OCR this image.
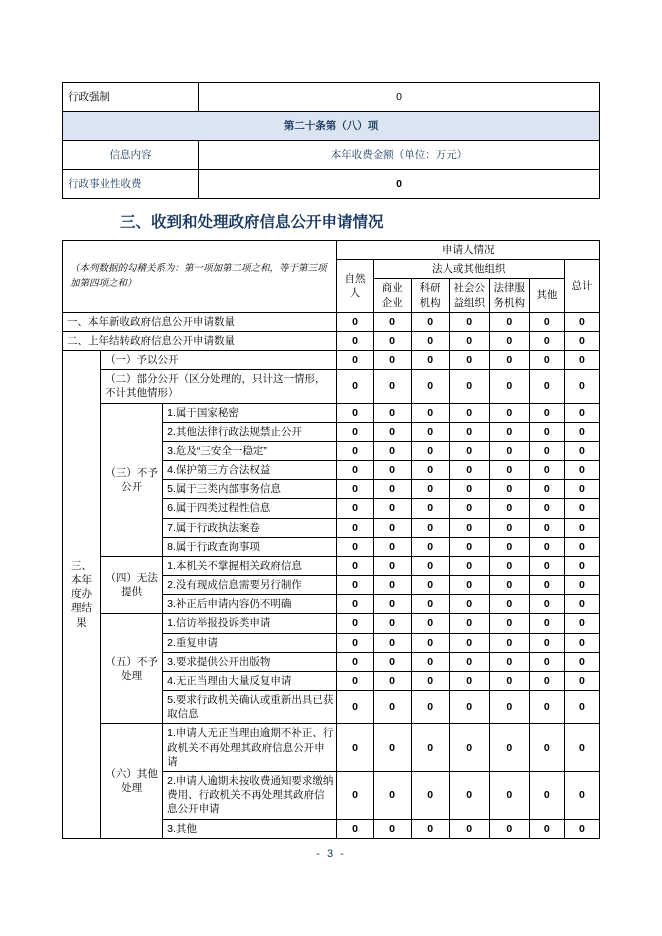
行政强制	0
第二十条第（八）项	
信息内容	本年收费金额（单位：万元）
行政事业性收费	0
三、收到和处理政府信息公开申请情况
（本列数据的勾稽关系为：第一项加第二项之和，等于第三项加第四项之和）			申请人情况						
			自然人	法人或其他组织					总计
				商业企业	科研机构	社会公益组织	法律服务机构	其他	
一、本年新收政府信息公开申请数量			0	0	0	0	0	0	0
二、上年结转政府信息公开申请数量			0	0	0	0	0	0	0
三、本年度办理结果	（一）予以公开		0	0	0	0	0	0	0
	（二）部分公开（区分处理的，只计这一情形，不计其他情形）		0	0	0	0	0	0	0
	（三）不予公开	1.属于国家秘密	0	0	0	0	0	0	0
		2.其他法律行政法规禁止公开	0	0	0	0	0	0	0
		3.危及“三安全一稳定”	0	0	0	0	0	0	0
		4.保护第三方合法权益	0	0	0	0	0	0	0
		5.属于三类内部事务信息	0	0	0	0	0	0	0
		6.属于四类过程性信息	0	0	0	0	0	0	0
		7.属于行政执法案卷	0	0	0	0	0	0	0
		8.属于行政查询事项	0	0	0	0	0	0	0
	（四）无法提供	1.本机关不掌握相关政府信息	0	0	0	0	0	0	0
		2.没有现成信息需要另行制作	0	0	0	0	0	0	0
		3.补正后申请内容仍不明确	0	0	0	0	0	0	0
	（五）不予处理	1.信访举报投诉类申请	0	0	0	0	0	0	0
		2.重复申请	0	0	0	0	0	0	0
		3.要求提供公开出版物	0	0	0	0	0	0	0
		4.无正当理由大量反复申请	0	0	0	0	0	0	0
		5.要求行政机关确认或重新出具已获取信息	0	0	0	0	0	0	0
	（六）其他处理	1.申请人无正当理由逾期不补正、行政机关不再处理其政府信息公开申请	0	0	0	0	0	0	0
		2.申请人逾期未按收费通知要求缴纳费用、行政机关不再处理其政府信息公开申请	0	0	0	0	0	0	0
		3.其他	0	0	0	0	0	0	0
- 3 -
